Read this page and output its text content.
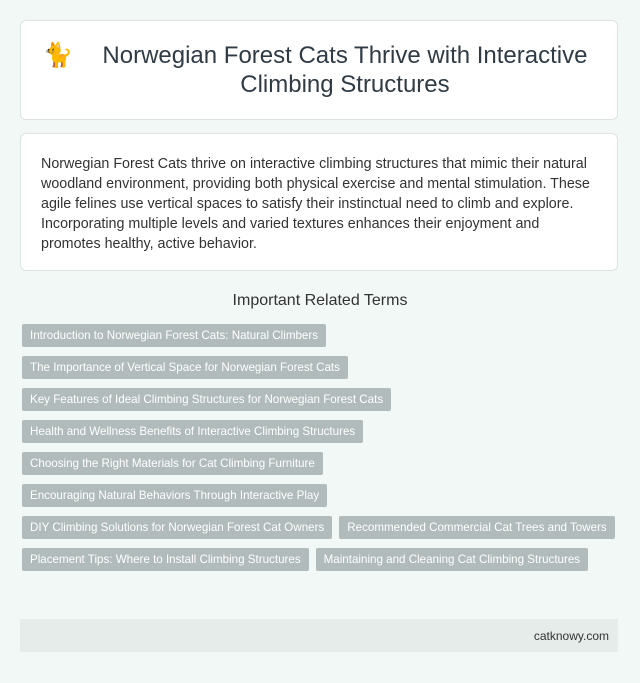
🐈	Norwegian Forest Cats Thrive with Interactive Climbing Structures

Norwegian Forest Cats thrive on interactive climbing structures that mimic their natural woodland environment, providing both physical exercise and mental stimulation. These agile felines use vertical spaces to satisfy their instinctual need to climb and explore. Incorporating multiple levels and varied textures enhances their enjoyment and promotes healthy, active behavior.

Important Related Terms
Introduction to Norwegian Forest Cats: Natural Climbers
The Importance of Vertical Space for Norwegian Forest Cats
Key Features of Ideal Climbing Structures for Norwegian Forest Cats
Health and Wellness Benefits of Interactive Climbing Structures
Choosing the Right Materials for Cat Climbing Furniture
Encouraging Natural Behaviors Through Interactive Play
DIY Climbing Solutions for Norwegian Forest Cat Owners	Recommended Commercial Cat Trees and Towers
Placement Tips: Where to Install Climbing Structures	Maintaining and Cleaning Cat Climbing Structures
catknowy.com
